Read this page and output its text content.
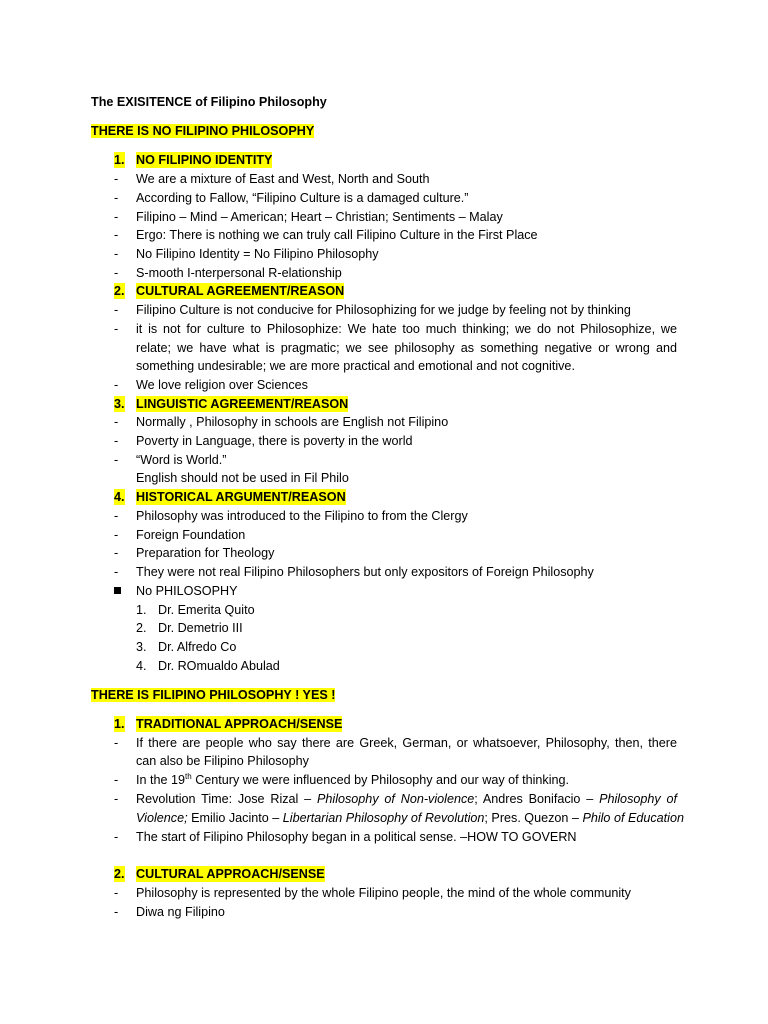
The EXISITENCE of Filipino Philosophy
THERE IS NO FILIPINO PHILOSOPHY
1. NO FILIPINO IDENTITY
- We are a mixture of East and West, North and South
- According to Fallow, “Filipino Culture is a damaged culture.”
- Filipino – Mind – American; Heart – Christian; Sentiments – Malay
- Ergo: There is nothing we can truly call Filipino Culture in the First Place
- No Filipino Identity = No Filipino Philosophy
- S-mooth I-nterpersonal R-elationship
2. CULTURAL AGREEMENT/REASON
- Filipino Culture is not conducive for Philosophizing for we judge by feeling not by thinking
- it is not for culture to Philosophize: We hate too much thinking; we do not Philosophize, we
relate; we have what is pragmatic; we see philosophy as something negative or wrong and
something undesirable; we are more practical and emotional and not cognitive.
- We love religion over Sciences
3. LINGUISTIC AGREEMENT/REASON
- Normally , Philosophy in schools are English not Filipino
- Poverty in Language, there is poverty in the world
- “Word is World.”
English should not be used in Fil Philo
4. HISTORICAL ARGUMENT/REASON
- Philosophy was introduced to the Filipino to from the Clergy
- Foreign Foundation
- Preparation for Theology
- They were not real Filipino Philosophers but only expositors of Foreign Philosophy
No PHILOSOPHY
1. Dr. Emerita Quito
2. Dr. Demetrio III
3. Dr. Alfredo Co
4. Dr. ROmualdo Abulad
THERE IS FILIPINO PHILOSOPHY ! YES !
1. TRADITIONAL APPROACH/SENSE
- If there are people who say there are Greek, German, or whatsoever, Philosophy, then, there
can also be Filipino Philosophy
- In the 19th Century we were influenced by Philosophy and our way of thinking.
- Revolution Time: Jose Rizal – Philosophy of Non-violence; Andres Bonifacio – Philosophy of
Violence; Emilio Jacinto – Libertarian Philosophy of Revolution; Pres. Quezon – Philo of Education
- The start of Filipino Philosophy began in a political sense. –HOW TO GOVERN
2. CULTURAL APPROACH/SENSE
- Philosophy is represented by the whole Filipino people, the mind of the whole community
- Diwa ng Filipino
